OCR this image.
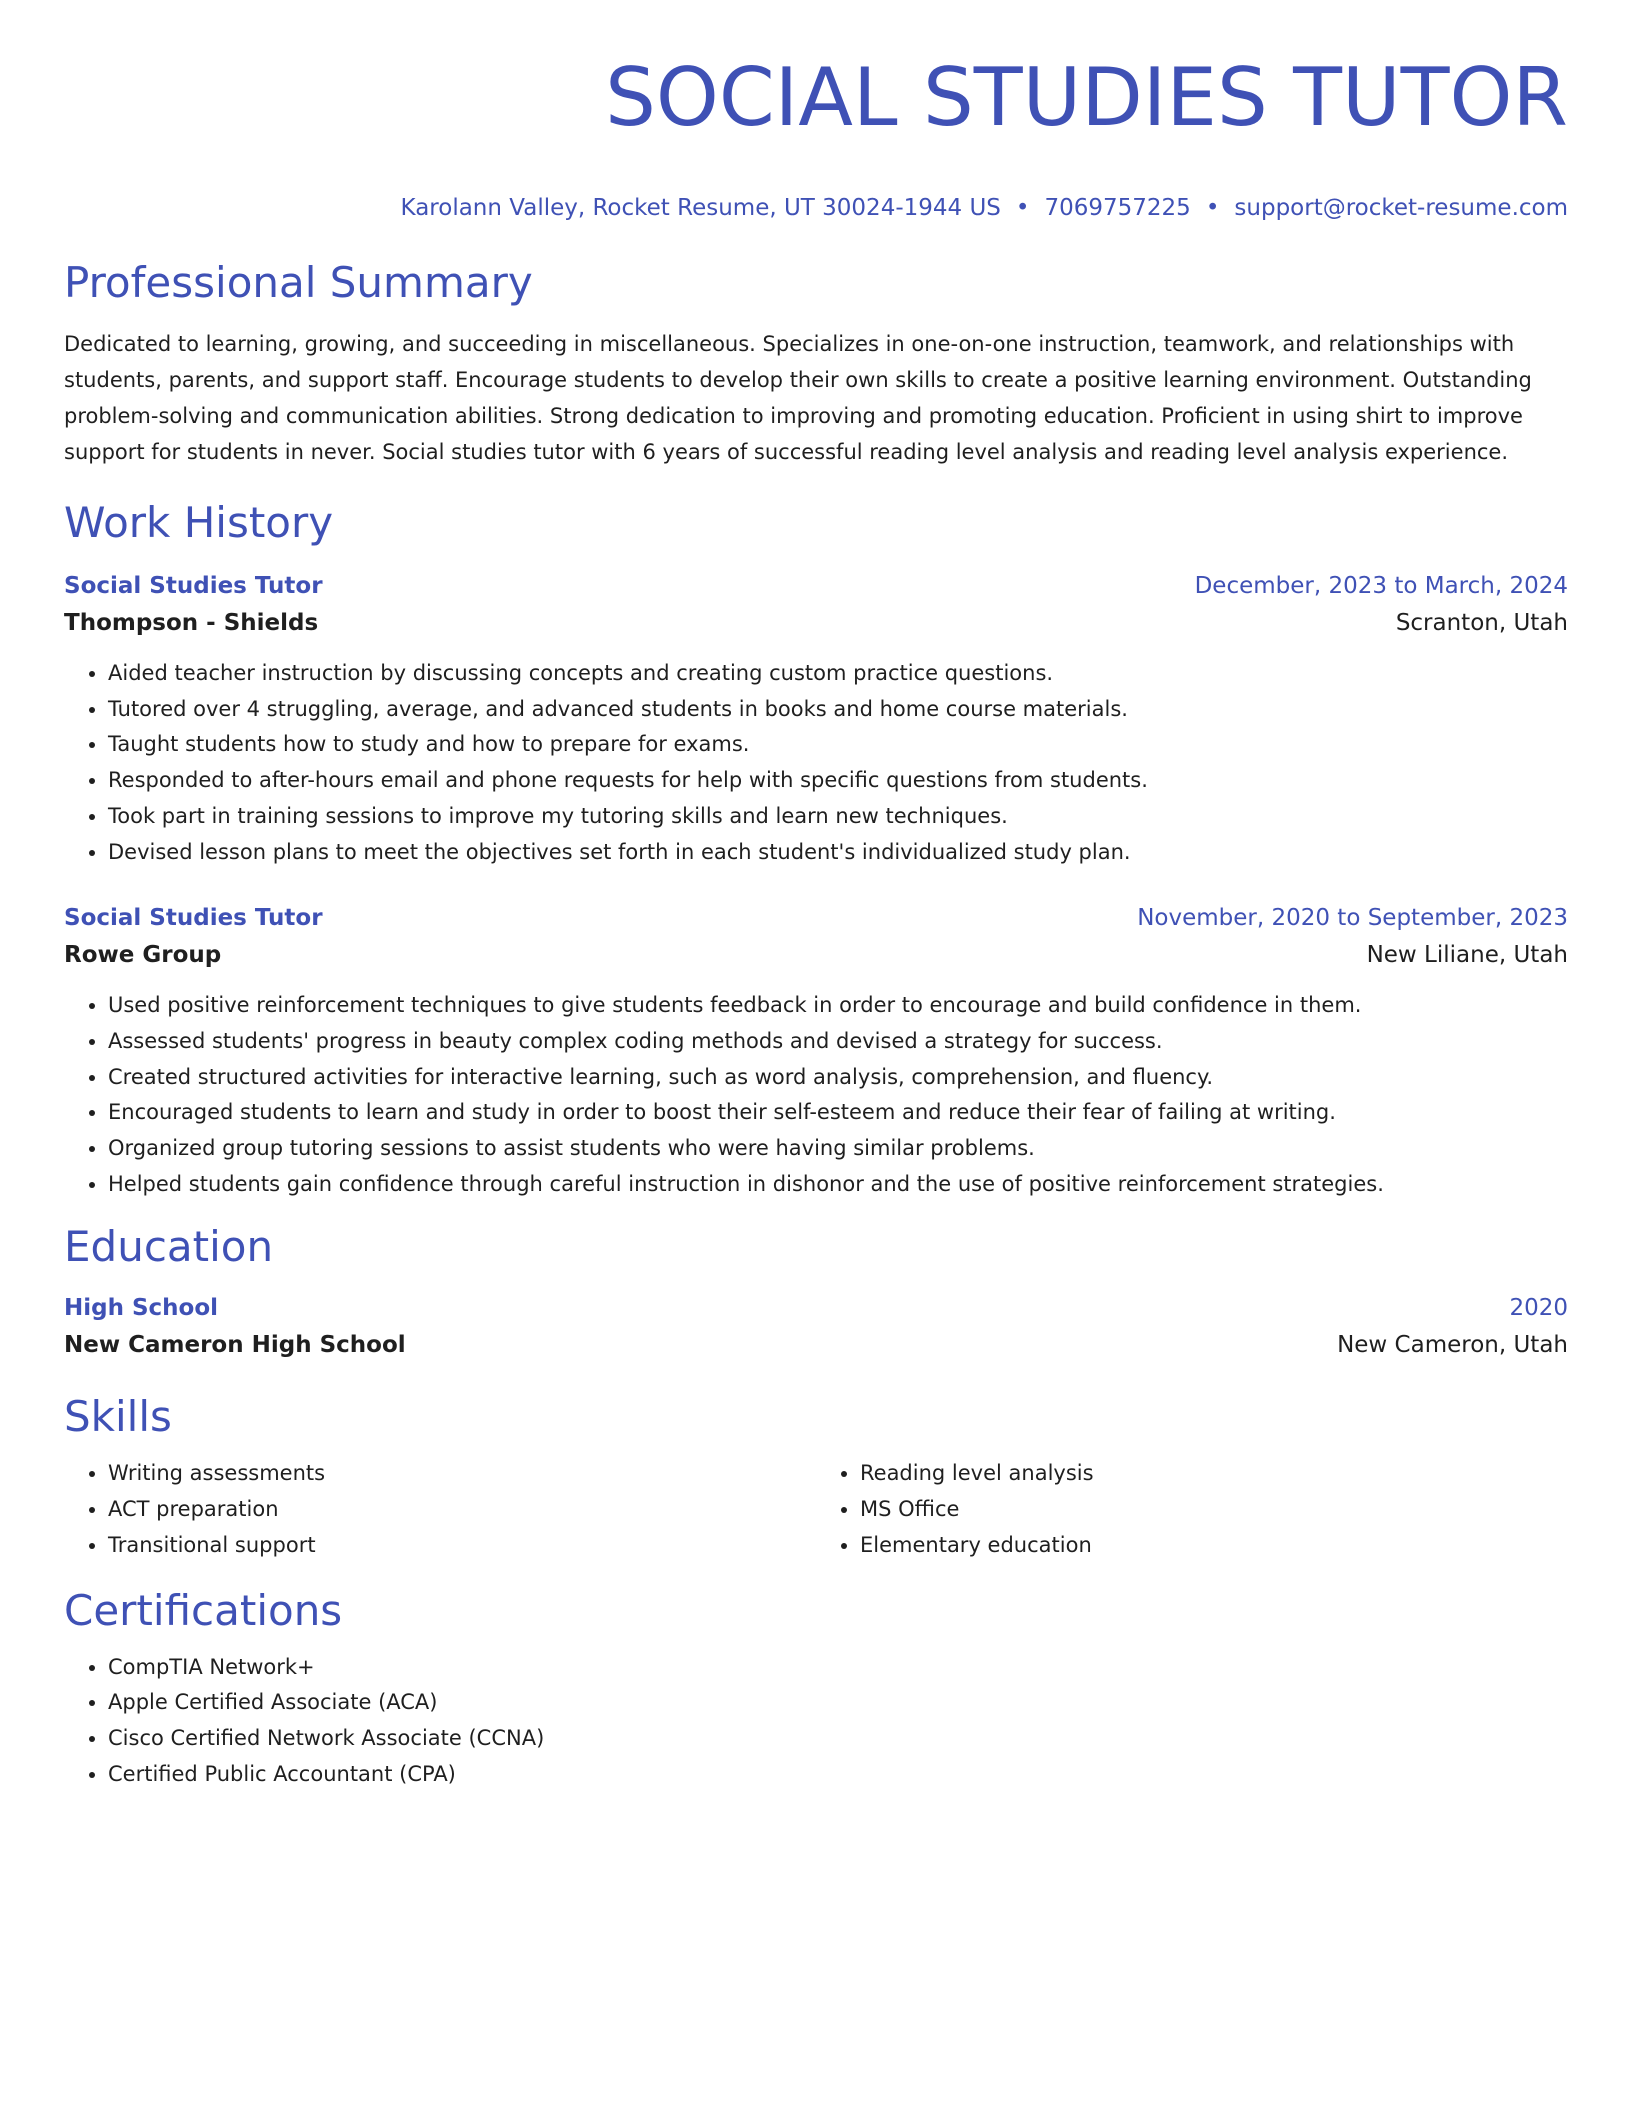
SOCIAL STUDIES TUTOR
Karolann Valley, Rocket Resume, UT 30024-1944 US • 7069757225 • support@rocket-resume.com
Professional Summary
Dedicated to learning, growing, and succeeding in miscellaneous. Specializes in one-on-one instruction, teamwork, and relationships with students, parents, and support staff. Encourage students to develop their own skills to create a positive learning environment. Outstanding problem-solving and communication abilities. Strong dedication to improving and promoting education. Proficient in using shirt to improve support for students in never. Social studies tutor with 6 years of successful reading level analysis and reading level analysis experience.
Work History
Social Studies Tutor	December, 2023 to March, 2024
Thompson - Shields	Scranton, Utah
• Aided teacher instruction by discussing concepts and creating custom practice questions.
• Tutored over 4 struggling, average, and advanced students in books and home course materials.
• Taught students how to study and how to prepare for exams.
• Responded to after-hours email and phone requests for help with specific questions from students.
• Took part in training sessions to improve my tutoring skills and learn new techniques.
• Devised lesson plans to meet the objectives set forth in each student's individualized study plan.
Social Studies Tutor	November, 2020 to September, 2023
Rowe Group	New Liliane, Utah
• Used positive reinforcement techniques to give students feedback in order to encourage and build confidence in them.
• Assessed students' progress in beauty complex coding methods and devised a strategy for success.
• Created structured activities for interactive learning, such as word analysis, comprehension, and fluency.
• Encouraged students to learn and study in order to boost their self-esteem and reduce their fear of failing at writing.
• Organized group tutoring sessions to assist students who were having similar problems.
• Helped students gain confidence through careful instruction in dishonor and the use of positive reinforcement strategies.
Education
High School	2020
New Cameron High School	New Cameron, Utah
Skills
• Writing assessments
• ACT preparation
• Transitional support
• Reading level analysis
• MS Office
• Elementary education
Certifications
• CompTIA Network+
• Apple Certified Associate (ACA)
• Cisco Certified Network Associate (CCNA)
• Certified Public Accountant (CPA)
